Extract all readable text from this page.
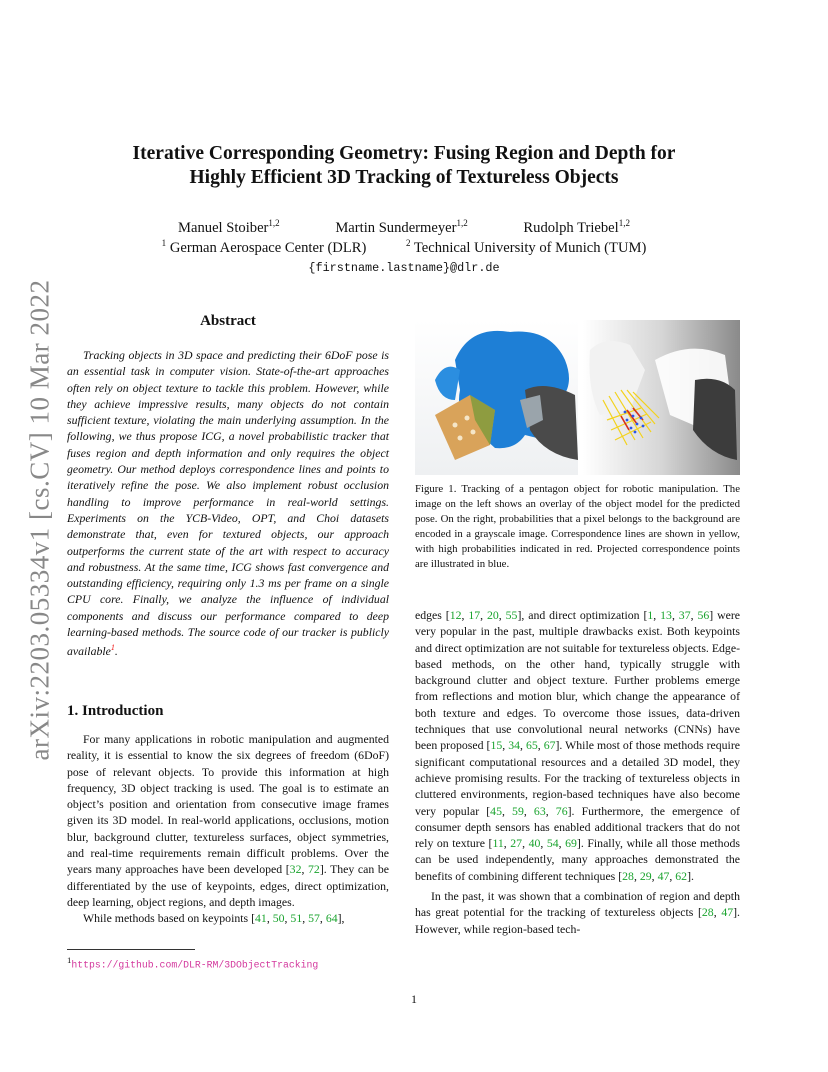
arXiv:2203.05334v1 [cs.CV] 10 Mar 2022
Iterative Corresponding Geometry: Fusing Region and Depth for
Highly Efficient 3D Tracking of Textureless Objects
Manuel Stoiber$^{1,2}$	Martin Sundermeyer$^{1,2}$	Rudolph Triebel$^{1,2}$
$^1$ German Aerospace Center (DLR)	$^2$ Technical University of Munich (TUM)
{firstname.lastname}@dlr.de
Abstract
Tracking objects in 3D space and predicting their 6DoF pose is an essential task in computer vision. State-of-the-art approaches often rely on object texture to tackle this problem. However, while they achieve impressive results, many objects do not contain sufficient texture, violating the main underlying assumption. In the following, we thus propose ICG, a novel probabilistic tracker that fuses region and depth information and only requires the object geometry. Our method deploys correspondence lines and points to iteratively refine the pose. We also implement robust occlusion handling to improve performance in real-world settings. Experiments on the YCB-Video, OPT, and Choi datasets demonstrate that, even for textured objects, our approach outperforms the current state of the art with respect to accuracy and robustness. At the same time, ICG shows fast convergence and outstanding efficiency, requiring only 1.3 ms per frame on a single CPU core. Finally, we analyze the influence of individual components and discuss our performance compared to deep learning-based methods. The source code of our tracker is publicly available$^1$.
1. Introduction

For many applications in robotic manipulation and augmented reality, it is essential to know the six degrees of freedom (6DoF) pose of relevant objects. To provide this information at high frequency, 3D object tracking is used. The goal is to estimate an object’s position and orientation from consecutive image frames given its 3D model. In real-world applications, occlusions, motion blur, background clutter, textureless surfaces, object symmetries, and real-time requirements remain difficult problems. Over the years many approaches have been developed [32, 72]. They can be differentiated by the use of keypoints, edges, direct optimization, deep learning, object regions, and depth images.

While methods based on keypoints [41, 50, 51, 57, 64],

$^1$https://github.com/DLR-RM/3DObjectTracking
Figure 1. Tracking of a pentagon object for robotic manipulation. The image on the left shows an overlay of the object model for the predicted pose. On the right, probabilities that a pixel belongs to the background are encoded in a grayscale image. Correspondence lines are shown in yellow, with high probabilities indicated in red. Projected correspondence points are illustrated in blue.

edges [12, 17, 20, 55], and direct optimization [1, 13, 37, 56] were very popular in the past, multiple drawbacks exist. Both keypoints and direct optimization are not suitable for textureless objects. Edge-based methods, on the other hand, typically struggle with background clutter and object texture. Further problems emerge from reflections and motion blur, which change the appearance of both texture and edges. To overcome those issues, data-driven techniques that use convolutional neural networks (CNNs) have been proposed [15, 34, 65, 67]. While most of those methods require significant computational resources and a detailed 3D model, they achieve promising results. For the tracking of textureless objects in cluttered environments, region-based techniques have also become very popular [45, 59, 63, 76]. Furthermore, the emergence of consumer depth sensors has enabled additional trackers that do not rely on texture [11, 27, 40, 54, 69]. Finally, while all those methods can be used independently, many approaches demonstrated the benefits of combining different techniques [28, 29, 47, 62].

In the past, it was shown that a combination of region and depth has great potential for the tracking of textureless objects [28, 47]. However, while region-based tech-

1
